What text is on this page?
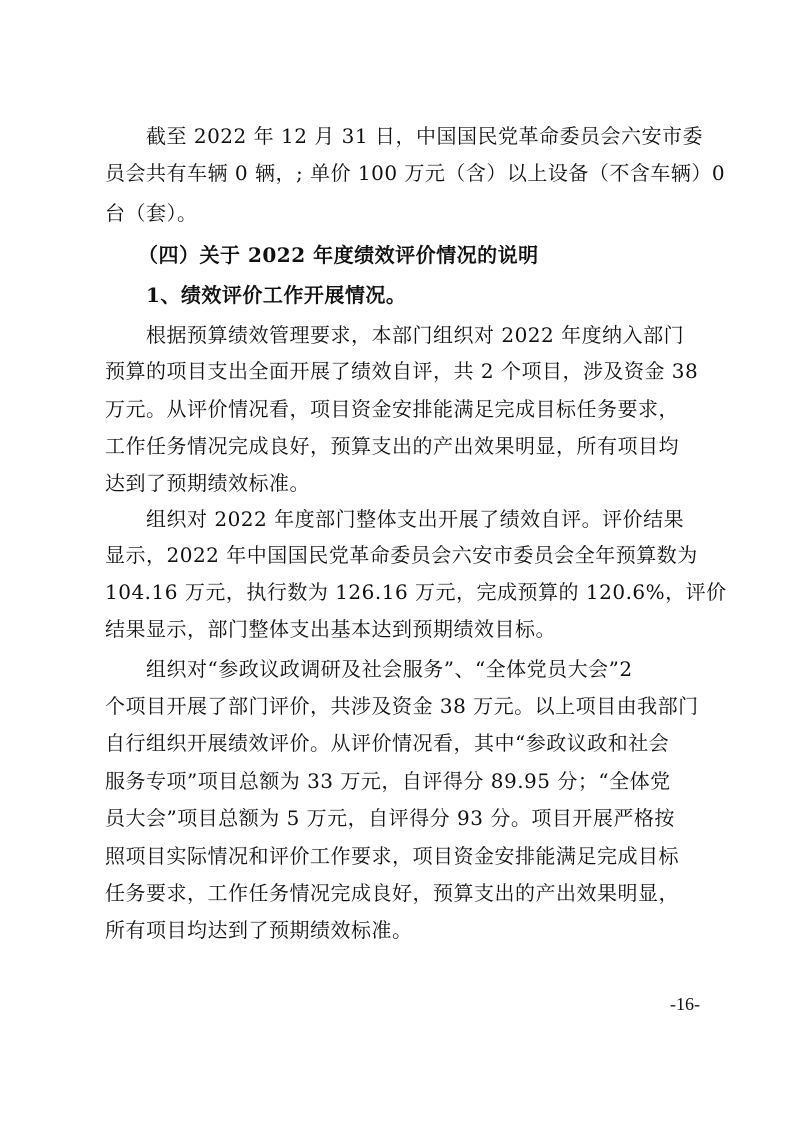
截至 2022 年 12 月 31 日，中国国民党革命委员会六安市委
员会共有车辆 0 辆，; 单价 100 万元（含）以上设备（不含车辆）0
台（套）。
（四）关于 2022 年度绩效评价情况的说明
1、绩效评价工作开展情况。
根据预算绩效管理要求，本部门组织对 2022 年度纳入部门
预算的项目支出全面开展了绩效自评，共 2 个项目，涉及资金 38
万元。从评价情况看，项目资金安排能满足完成目标任务要求，
工作任务情况完成良好，预算支出的产出效果明显，所有项目均
达到了预期绩效标准。
组织对 2022 年度部门整体支出开展了绩效自评。评价结果
显示，2022 年中国国民党革命委员会六安市委员会全年预算数为
104.16 万元，执行数为 126.16 万元，完成预算的 120.6%，评价
结果显示，部门整体支出基本达到预期绩效目标。
组织对“参政议政调研及社会服务”、“全体党员大会”2
个项目开展了部门评价，共涉及资金 38 万元。以上项目由我部门
自行组织开展绩效评价。从评价情况看，其中“参政议政和社会
服务专项”项目总额为 33 万元，自评得分 89.95 分；“全体党
员大会”项目总额为 5 万元，自评得分 93 分。项目开展严格按
照项目实际情况和评价工作要求，项目资金安排能满足完成目标
任务要求，工作任务情况完成良好，预算支出的产出效果明显，
所有项目均达到了预期绩效标准。
-16-
